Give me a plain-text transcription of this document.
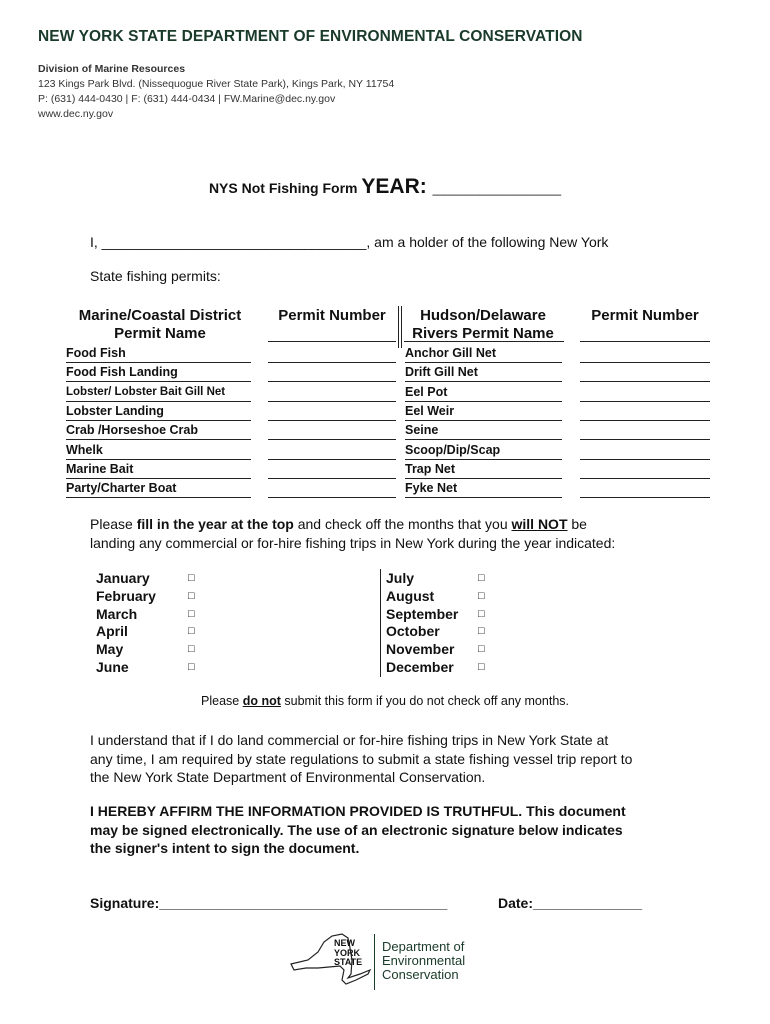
NEW YORK STATE DEPARTMENT OF ENVIRONMENTAL CONSERVATION
Division of Marine Resources
123 Kings Park Blvd. (Nissequogue River State Park), Kings Park, NY 11754
P: (631) 444-0430 | F: (631) 444-0434 | FW.Marine@dec.ny.gov
www.dec.ny.gov
NYS Not Fishing Form YEAR: ___________
I, __________________________________, am a holder of the following New York
State fishing permits:
Marine/Coastal District
Permit Name
Permit Number	Hudson/Delaware
Rivers Permit Name
Permit Number
Food Fish	Anchor Gill Net
Food Fish Landing	Drift Gill Net
Lobster/ Lobster Bait Gill Net	Eel Pot
Lobster Landing	Eel Weir
Crab /Horseshoe Crab	Seine
Whelk	Scoop/Dip/Scap
Marine Bait	Trap Net
Party/Charter Boat	Fyke Net
Please fill in the year at the top and check off the months that you will NOT be
landing any commercial or for-hire fishing trips in New York during the year indicated:
January	□
February	□
March	□
April	□
May	□
June	□
July	□
August	□
September □
October	□
November □
December □
Please do not submit this form if you do not check off any months.
I understand that if I do land commercial or for-hire fishing trips in New York State at
any time, I am required by state regulations to submit a state fishing vessel trip report to
the New York State Department of Environmental Conservation.
I HEREBY AFFIRM THE INFORMATION PROVIDED IS TRUTHFUL. This document
may be signed electronically. The use of an electronic signature below indicates
the signer's intent to sign the document.
Signature:_____________________________________	Date:______________
NEW
YORK
STATE
Department of
Environmental
Conservation
